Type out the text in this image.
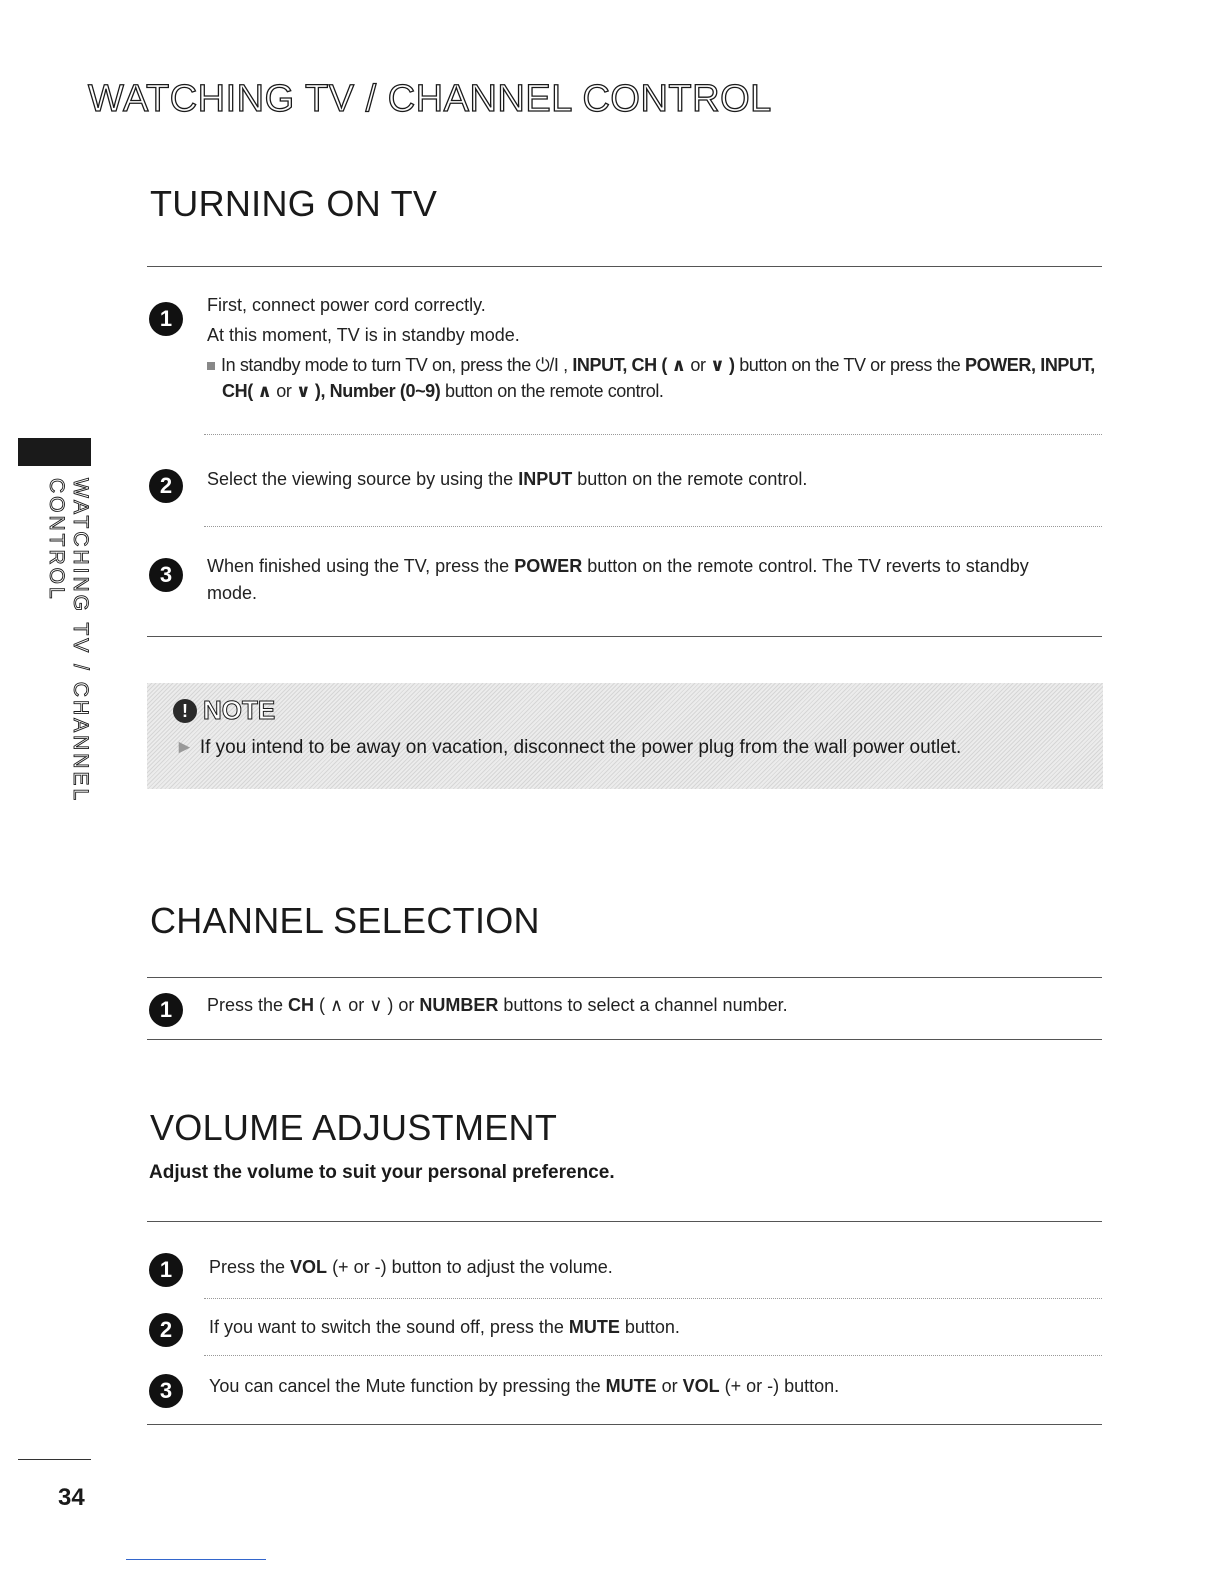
WATCHING TV / CHANNEL CONTROL
WATCHING TV / CHANNEL CONTROL
TURNING ON TV
1
First, connect power cord correctly.
At this moment, TV is in standby mode.
In standby mode to turn TV on, press the ⏻/I , INPUT, CH ( ∧ or ∨ ) button on the TV or press the POWER, INPUT,
CH( ∧ or ∨ ), Number (0~9) button on the remote control.
2	Select the viewing source by using the INPUT button on the remote control.
3	When finished using the TV, press the POWER button on the remote control. The TV reverts to standby
mode.
! NOTE
► If you intend to be away on vacation, disconnect the power plug from the wall power outlet.
CHANNEL SELECTION
1	Press the CH ( ∧ or ∨ ) or NUMBER buttons to select a channel number.
VOLUME ADJUSTMENT
Adjust the volume to suit your personal preference.
1	Press the VOL (+ or -) button to adjust the volume.
2	If you want to switch the sound off, press the MUTE button.
3	You can cancel the Mute function by pressing the MUTE or VOL (+ or -) button.
34
